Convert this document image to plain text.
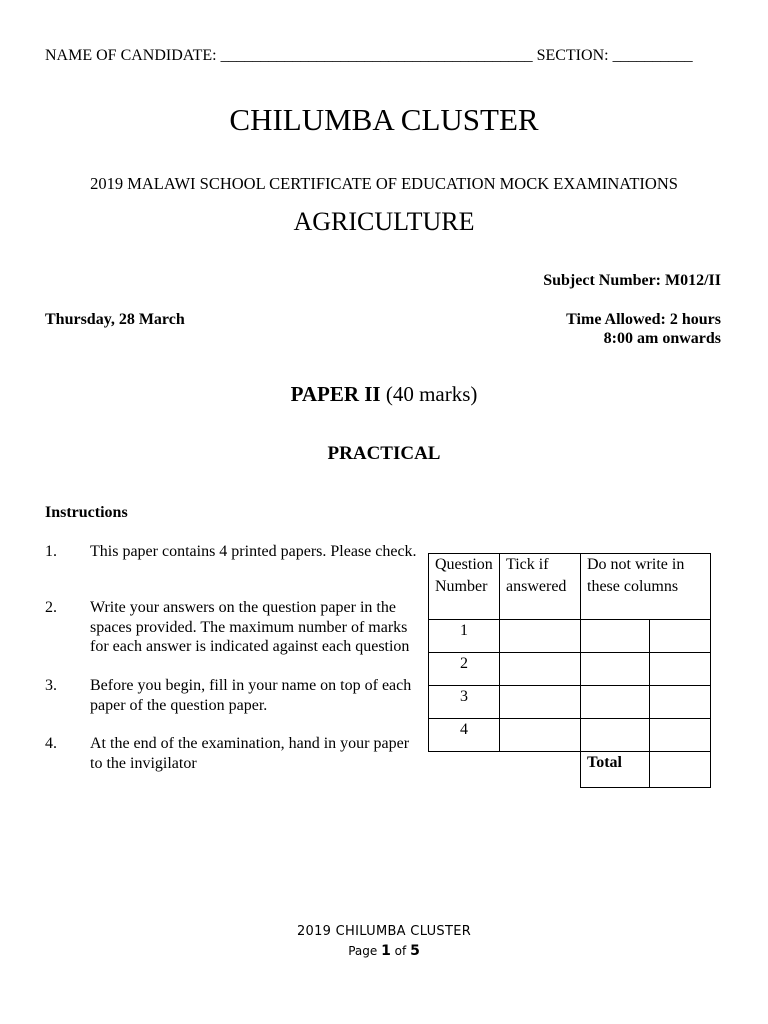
NAME OF CANDIDATE: _______________________________________ SECTION: __________
CHILUMBA CLUSTER
2019 MALAWI SCHOOL CERTIFICATE OF EDUCATION MOCK EXAMINATIONS
AGRICULTURE
Subject Number: M012/II
Thursday, 28 March	Time Allowed: 2 hours
8:00 am onwards
PAPER II (40 marks)
PRACTICAL
Instructions
1.	This paper contains 4 printed papers. Please check.
2. Write your answers on the question paper in the spaces provided. The maximum number of marks for each answer is indicated against each question
3. Before you begin, fill in your name on top of each paper of the question paper.
4. At the end of the examination, hand in your paper to the invigilator
Question Number	Tick if answered	Do not write in these columns	
1			
2			
3			
4			
		Total	
2019 CHILUMBA CLUSTER
Page 1 of 5
